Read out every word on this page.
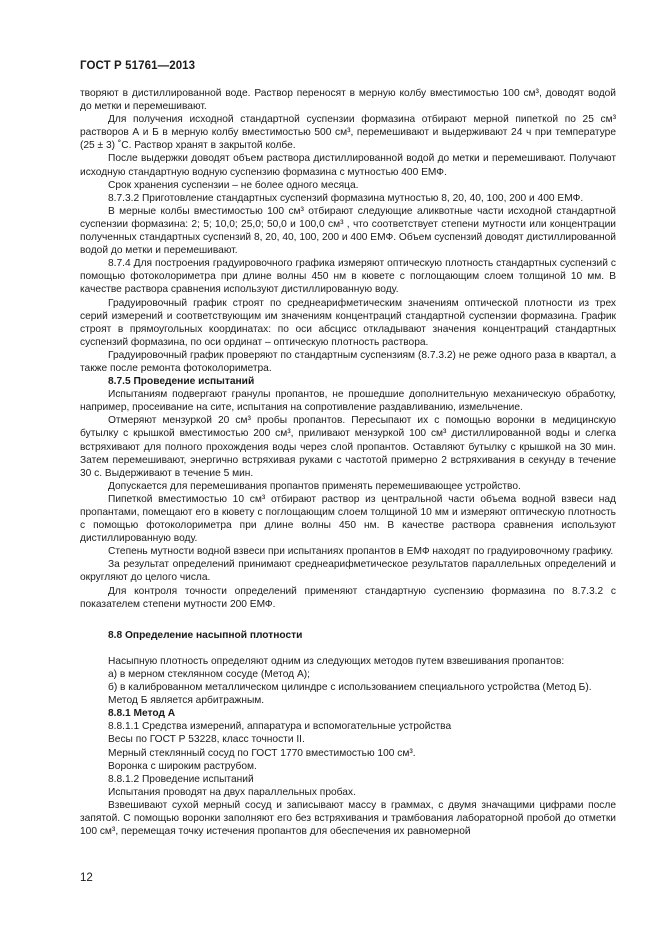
ГОСТ Р 51761—2013

творяют в дистиллированной воде. Раствор переносят в мерную колбу вместимостью 100 см³, доводят водой до метки и перемешивают.

Для получения исходной стандартной суспензии формазина отбирают мерной пипеткой по 25 см³ растворов А и Б в мерную колбу вместимостью 500 см³, перемешивают и выдерживают 24 ч при температуре (25 ± 3) ˚С. Раствор хранят в закрытой колбе.

После выдержки доводят объем раствора дистиллированной водой до метки и перемешивают. Получают исходную стандартную водную суспензию формазина с мутностью 400 ЕМФ.

Срок хранения суспензии – не более одного месяца.

8.7.3.2 Приготовление стандартных суспензий формазина мутностью 8, 20, 40, 100, 200 и 400 ЕМФ.

В мерные колбы вместимостью 100 см³ отбирают следующие аликвотные части исходной стандартной суспензии формазина: 2; 5; 10,0; 25,0; 50,0 и 100,0 см³ , что соответствует степени мутности или концентрации полученных стандартных суспензий 8, 20, 40, 100, 200 и 400 ЕМФ. Объем суспензий доводят дистиллированной водой до метки и перемешивают.

8.7.4 Для построения градуировочного графика измеряют оптическую плотность стандартных суспензий с помощью фотоколориметра при длине волны 450 нм в кювете с поглощающим слоем толщиной 10 мм. В качестве раствора сравнения используют дистиллированную воду.

Градуировочный график строят по среднеарифметическим значениям оптической плотности из трех серий измерений и соответствующим им значениям концентраций стандартной суспензии формазина. График строят в прямоугольных координатах: по оси абсцисс откладывают значения концентраций стандартных суспензий формазина, по оси ординат – оптическую плотность раствора.

Градуировочный график проверяют по стандартным суспензиям (8.7.3.2) не реже одного раза в квартал, а также после ремонта фотоколориметра.

8.7.5 Проведение испытаний

Испытаниям подвергают гранулы пропантов, не прошедшие дополнительную механическую обработку, например, просеивание на сите, испытания на сопротивление раздавливанию, измельчение.

Отмеряют мензуркой 20 см³ пробы пропантов. Пересыпают их с помощью воронки в медицинскую бутылку с крышкой вместимостью 200 см³, приливают мензуркой 100 см³ дистиллированной воды и слегка встряхивают для полного прохождения воды через слой пропантов. Оставляют бутылку с крышкой на 30 мин. Затем перемешивают, энергично встряхивая руками с частотой примерно 2 встряхивания в секунду в течение 30 с. Выдерживают в течение 5 мин.

Допускается для перемешивания пропантов применять перемешивающее устройство.

Пипеткой вместимостью 10 см³ отбирают раствор из центральной части объема водной взвеси над пропантами, помещают его в кювету с поглощающим слоем толщиной 10 мм и измеряют оптическую плотность с помощью фотоколориметра при длине волны 450 нм. В качестве раствора сравнения используют дистиллированную воду.

Степень мутности водной взвеси при испытаниях пропантов в ЕМФ находят по градуировочному графику.

За результат определений принимают среднеарифметическое результатов параллельных определений и округляют до целого числа.

Для контроля точности определений применяют стандартную суспензию формазина по 8.7.3.2 с показателем степени мутности 200 ЕМФ.

8.8 Определение насыпной плотности

Насыпную плотность определяют одним из следующих методов путем взвешивания пропантов:

а) в мерном стеклянном сосуде (Метод А);

б) в калиброванном металлическом цилиндре с использованием специального устройства (Метод Б).

Метод Б является арбитражным.

8.8.1 Метод А

8.8.1.1 Средства измерений, аппаратура и вспомогательные устройства

Весы по ГОСТ Р 53228, класс точности II.

Мерный стеклянный сосуд по ГОСТ 1770 вместимостью 100 см³.

Воронка с широким раструбом.

8.8.1.2 Проведение испытаний

Испытания проводят на двух параллельных пробах.

Взвешивают сухой мерный сосуд и записывают массу в граммах, с двумя значащими цифрами после запятой. С помощью воронки заполняют его без встряхивания и трамбования лабораторной пробой до отметки 100 см³, перемещая точку истечения пропантов для обеспечения их равномерной

12
